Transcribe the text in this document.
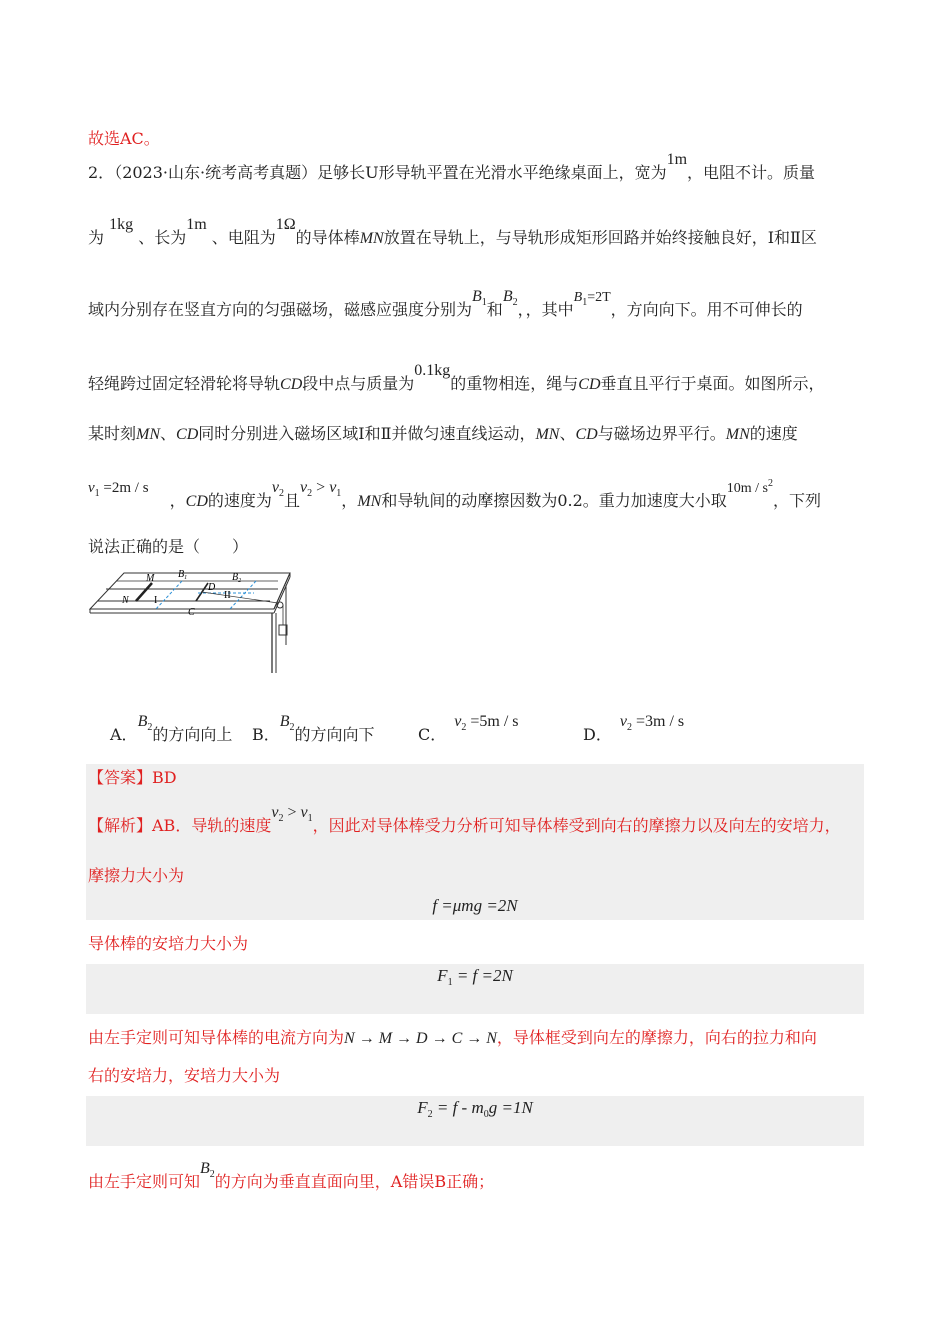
故选AC。
2．（2023·山东·统考高考真题）足够长U形导轨平置在光滑水平绝缘桌面上，宽为1m，电阻不计。质量
为 1kg 、长为1m 、电阻为1Ω的导体棒MN放置在导轨上，与导轨形成矩形回路并始终接触良好，Ⅰ和Ⅱ区
域内分别存在竖直方向的匀强磁场，磁感应强度分别为$B_1$和$B_2$，，其中$B_1=2T$，方向向下。用不可伸长的
轻绳跨过固定轻滑轮将导轨CD段中点与质量为0.1kg的重物相连，绳与CD垂直且平行于桌面。如图所示，
某时刻MN、CD同时分别进入磁场区域Ⅰ和Ⅱ并做匀速直线运动，MN、CD与磁场边界平行。MN的速度
$v_1 =2m / s$　 ，CD的速度为$v_2$且$v_2 > v_1$，MN和导轨间的动摩擦因数为0.2。重力加速度大小取$10m / s^2$，下列
说法正确的是（　　）
M
N
D
C
$B_1$	$B_2$
I	II
A．$B_2$的方向向上 B．$B_2$的方向向下	C．　$v_2 =5m / s$
D．　$v_2 =3m / s$
【答案】BD
【解析】AB．导轨的速度$v_2 > v_1$，因此对导体棒受力分析可知导体棒受到向右的摩擦力以及向左的安培力，
摩擦力大小为
f =μmg =2N
导体棒的安培力大小为
$F_1 = f =2N$
由左手定则可知导体棒的电流方向为N → M → D → C → N，导体框受到向左的摩擦力，向右的拉力和向
右的安培力，安培力大小为
$F_2 = f - m_0g =1N$
由左手定则可知$B_2$的方向为垂直直面向里，A错误B正确；
